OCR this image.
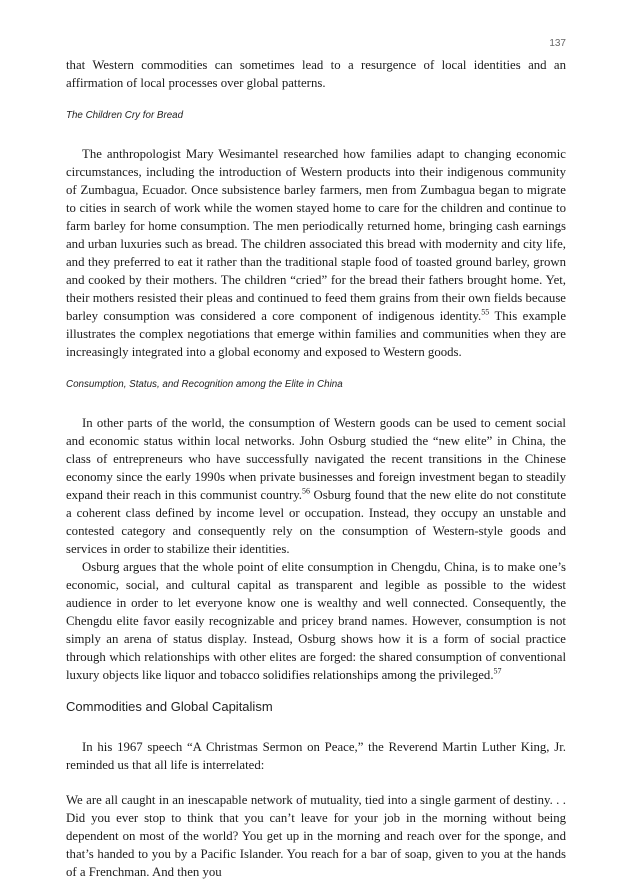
137

that Western commodities can sometimes lead to a resurgence of local identities and an affirmation of local processes over global patterns.

The Children Cry for Bread

The anthropologist Mary Wesimantel researched how families adapt to changing economic circumstances, including the introduction of Western products into their indigenous community of Zumbagua, Ecuador. Once subsistence barley farmers, men from Zumbagua began to migrate to cities in search of work while the women stayed home to care for the children and continue to farm barley for home consumption. The men periodically returned home, bringing cash earnings and urban luxuries such as bread. The children associated this bread with modernity and city life, and they preferred to eat it rather than the traditional staple food of toasted ground barley, grown and cooked by their mothers. The children “cried” for the bread their fathers brought home. Yet, their mothers resisted their pleas and continued to feed them grains from their own fields because barley consumption was considered a core component of indigenous identity.$^{55}$ This example illustrates the complex negotiations that emerge within families and communities when they are increasingly integrated into a global economy and exposed to Western goods.

Consumption, Status, and Recognition among the Elite in China

In other parts of the world, the consumption of Western goods can be used to cement social and economic status within local networks. John Osburg studied the “new elite” in China, the class of entrepreneurs who have successfully navigated the recent transitions in the Chinese economy since the early 1990s when private businesses and foreign investment began to steadily expand their reach in this communist country.$^{56}$ Osburg found that the new elite do not constitute a coherent class defined by income level or occupation. Instead, they occupy an unstable and contested category and consequently rely on the consumption of Western-style goods and services in order to stabilize their identities.

Osburg argues that the whole point of elite consumption in Chengdu, China, is to make one’s economic, social, and cultural capital as transparent and legible as possible to the widest audience in order to let everyone know one is wealthy and well connected. Consequently, the Chengdu elite favor easily recognizable and pricey brand names. However, consumption is not simply an arena of status display. Instead, Osburg shows how it is a form of social practice through which relationships with other elites are forged: the shared consumption of conventional luxury objects like liquor and tobacco solidifies relationships among the privileged.$^{57}$

Commodities and Global Capitalism

In his 1967 speech “A Christmas Sermon on Peace,” the Reverend Martin Luther King, Jr. reminded us that all life is interrelated:

We are all caught in an inescapable network of mutuality, tied into a single garment of destiny. . . Did you ever stop to think that you can’t leave for your job in the morning without being dependent on most of the world? You get up in the morning and reach over for the sponge, and that’s handed to you by a Pacific Islander. You reach for a bar of soap, given to you at the hands of a Frenchman. And then you
